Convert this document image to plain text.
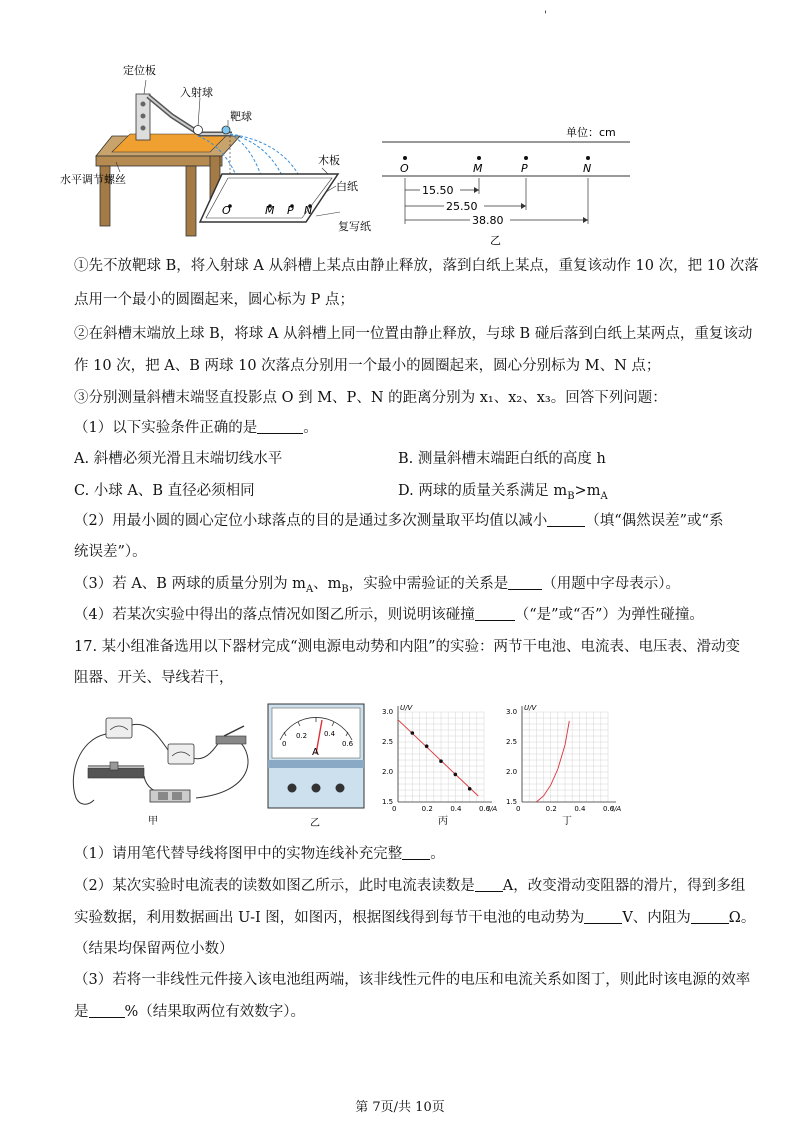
'
定位板
入射球
靶球
水平调节螺丝
木板
白纸
复写纸
O	M P N
单位：cm
O	M	P	N
15.50
25.50
38.80
乙
①先不放靶球 B，将入射球 A 从斜槽上某点由静止释放，落到白纸上某点，重复该动作 10 次，把 10 次落
点用一个最小的圆圈起来，圆心标为 P 点；
②在斜槽末端放上球 B，将球 A 从斜槽上同一位置由静止释放，与球 B 碰后落到白纸上某两点，重复该动
作 10 次，把 A、B 两球 10 次落点分别用一个最小的圆圈起来，圆心分别标为 M、N 点；
③分别测量斜槽末端竖直投影点 O 到 M、P、N 的距离分别为 x₁、x₂、x₃。回答下列问题：
（1）以下实验条件正确的是	。
A. 斜槽必须光滑且末端切线水平	B. 测量斜槽末端距白纸的高度 h
C. 小球 A、B 直径必须相同	D. 两球的质量关系满足 $m_B>m_A$
（2）用最小圆的圆心定位小球落点的目的是通过多次测量取平均值以减小	（填“偶然误差”或“系
统误差”）。
（3）若 A、B 两球的质量分别为 $m_A$、$m_B$，实验中需验证的关系是 （用题中字母表示）。
（4）若某次实验中得出的落点情况如图乙所示，则说明该碰撞	（“是”或“否”）为弹性碰撞。
17. 某小组准备选用以下器材完成“测电源电动势和内阻”的实验：两节干电池、电流表、电压表、滑动变
阻器、开关、导线若干，
甲
0
0.2 0.4
0.6
A
乙
0	0.2	0.4	0.6
1.5
2.0
2.5
3.0
I/A
U/V
丙
0	0.2	0.4	0.6
1.5
2.0
2.5
3.0
I/A
U/V
丁
（1）请用笔代替导线将图甲中的实物连线补充完整 。
（2）某次实验时电流表的读数如图乙所示，此时电流表读数是 A，改变滑动变阻器的滑片，得到多组
实验数据，利用数据画出 U-I 图，如图丙，根据图线得到每节干电池的电动势为	V、内阻为	Ω。
（结果均保留两位小数）
（3）若将一非线性元件接入该电池组两端，该非线性元件的电压和电流关系如图丁，则此时该电源的效率
是 %（结果取两位有效数字）。
第 7页/共 10页
